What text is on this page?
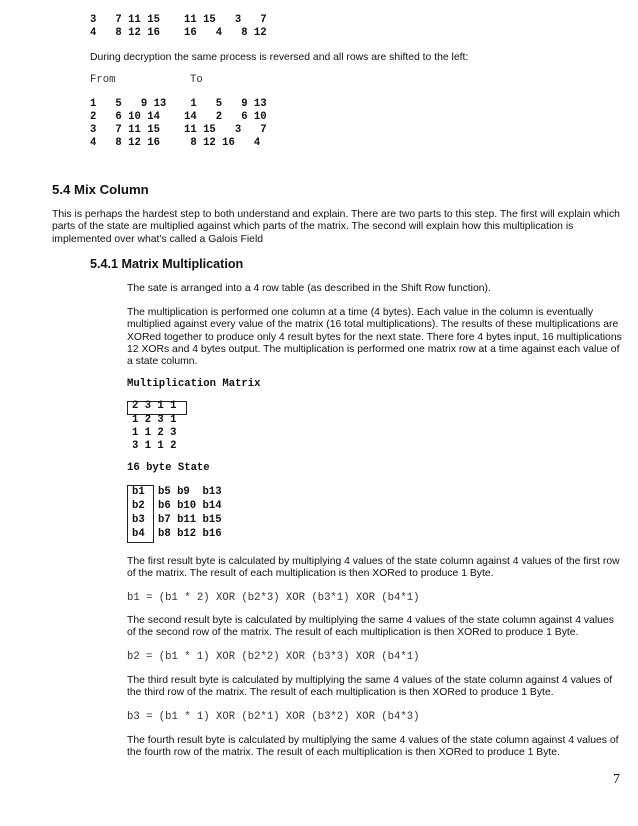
3   7 11 15 11 15   3   7
4   8 12 16 16   4   8 12
During decryption the same process is reversed and all rows are shifted to the left:
From	To
1   5   9 13 1   5   9 13
2   6 10 14 14   2   6 10
3   7 11 15 11 15   3   7
4   8 12 16 8 12 16   4
5.4 Mix Column
This is perhaps the hardest step to both understand and explain. There are two parts to this step. The first will explain which parts of the state are multiplied against which parts of the matrix. The second will explain how this multiplication is implemented over what's called a Galois Field
5.4.1 Matrix Multiplication
The sate is arranged into a 4 row table (as described in the Shift Row function).
The multiplication is performed one column at a time (4 bytes). Each value in the column is eventually multiplied against every value of the matrix (16 total multiplications). The results of these multiplications are XORed together to produce only 4 result bytes for the next state. There fore 4 bytes input, 16 multiplications 12 XORs and 4 bytes output. The multiplication is performed one matrix row at a time against each value of a state column.
Multiplication Matrix
2 3 1 1
1 2 3 1
1 1 2 3
3 1 1 2
16 byte State
b1 b5 b9  b13
b2 b6 b10 b14
b3 b7 b11 b15
b4 b8 b12 b16
The first result byte is calculated by multiplying 4 values of the state column against 4 values of the first row of the matrix. The result of each multiplication is then XORed to produce 1 Byte.
b1 = (b1 * 2) XOR (b2*3) XOR (b3*1) XOR (b4*1)
The second result byte is calculated by multiplying the same 4 values of the state column against 4 values of the second row of the matrix. The result of each multiplication is then XORed to produce 1 Byte.
b2 = (b1 * 1) XOR (b2*2) XOR (b3*3) XOR (b4*1)
The third result byte is calculated by multiplying the same 4 values of the state column against 4 values of the third row of the matrix. The result of each multiplication is then XORed to produce 1 Byte.
b3 = (b1 * 1) XOR (b2*1) XOR (b3*2) XOR (b4*3)
The fourth result byte is calculated by multiplying the same 4 values of the state column against 4 values of the fourth row of the matrix. The result of each multiplication is then XORed to produce 1 Byte.
7
